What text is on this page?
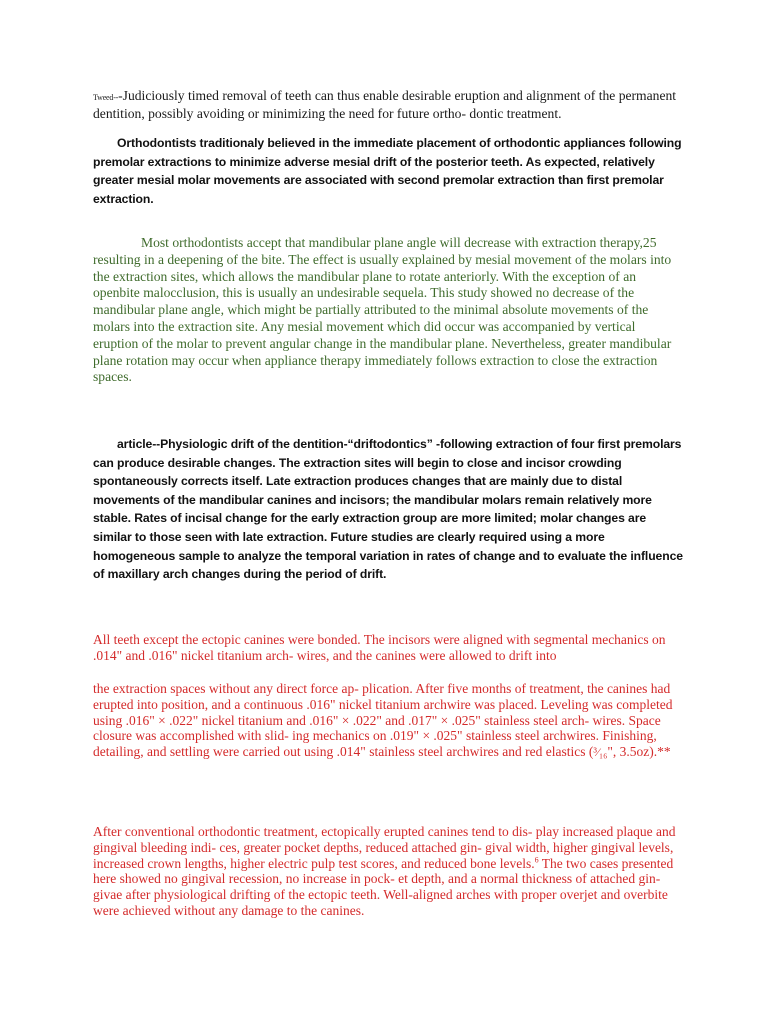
Tweed---Judiciously timed removal of teeth can thus enable desirable eruption and alignment of the permanent dentition, possibly avoiding or minimizing the need for future ortho- dontic treatment.

Orthodontists traditionaly believed in the immediate placement of orthodontic appliances following premolar extractions to minimize adverse mesial drift of the posterior teeth. As expected, relatively greater mesial molar movements are associated with second premolar extraction than first premolar extraction.

Most orthodontists accept that mandibular plane angle will decrease with extraction therapy,25 resulting in a deepening of the bite. The effect is usually explained by mesial movement of the molars into the extraction sites, which allows the mandibular plane to rotate anteriorly. With the exception of an openbite malocclusion, this is usually an undesirable sequela. This study showed no decrease of the mandibular plane angle, which might be partially attributed to the minimal absolute movements of the molars into the extraction site. Any mesial movement which did occur was accompanied by vertical eruption of the molar to prevent angular change in the mandibular plane. Nevertheless, greater mandibular plane rotation may occur when appliance therapy immediately follows extraction to close the extraction spaces.

article--Physiologic drift of the dentition-“driftodontics” -following extraction of four first premolars can produce desirable changes. The extraction sites will begin to close and incisor crowding spontaneously corrects itself. Late extraction produces changes that are mainly due to distal movements of the mandibular canines and incisors; the mandibular molars remain relatively more stable. Rates of incisal change for the early extraction group are more limited; molar changes are similar to those seen with late extraction. Future studies are clearly required using a more homogeneous sample to analyze the temporal variation in rates of change and to evaluate the influence of maxillary arch changes during the period of drift.

All teeth except the ectopic canines were bonded. The incisors were aligned with segmental mechanics on .014" and .016" nickel titanium arch- wires, and the canines were allowed to drift into

the extraction spaces without any direct force ap- plication. After five months of treatment, the canines had erupted into position, and a continuous .016" nickel titanium archwire was placed. Leveling was completed using .016" × .022" nickel titanium and .016" × .022" and .017" × .025" stainless steel arch- wires. Space closure was accomplished with slid- ing mechanics on .019" × .025" stainless steel archwires. Finishing, detailing, and settling were carried out using .014" stainless steel archwires and red elastics (³⁄₁₆", 3.5oz).**

After conventional orthodontic treatment, ectopically erupted canines tend to dis- play increased plaque and gingival bleeding indi- ces, greater pocket depths, reduced attached gin- gival width, higher gingival levels, increased crown lengths, higher electric pulp test scores, and reduced bone levels.$^6$ The two cases presented here showed no gingival recession, no increase in pock- et depth, and a normal thickness of attached gin- givae after physiological drifting of the ectopic teeth. Well-aligned arches with proper overjet and overbite were achieved without any damage to the canines.
